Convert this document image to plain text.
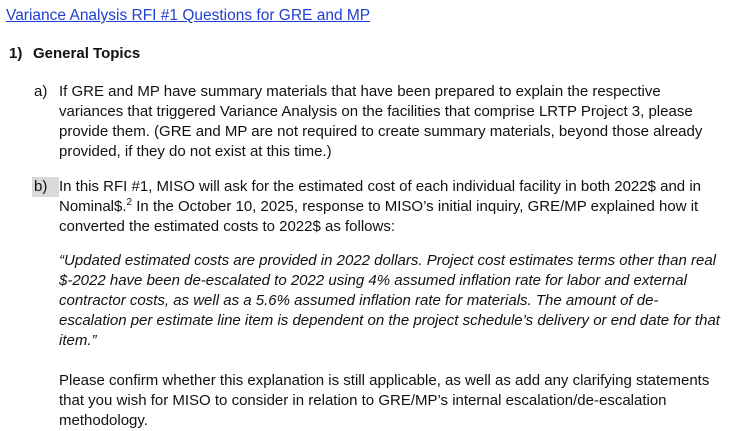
Variance Analysis RFI #1 Questions for GRE and MP
1) General Topics
a) If GRE and MP have summary materials that have been prepared to explain the respective variances that triggered Variance Analysis on the facilities that comprise LRTP Project 3, please provide them. (GRE and MP are not required to create summary materials, beyond those already provided, if they do not exist at this time.)

b) In this RFI #1, MISO will ask for the estimated cost of each individual facility in both 2022$ and in Nominal$.$^2$ In the October 10, 2025, response to MISO’s initial inquiry, GRE/MP explained how it converted the estimated costs to 2022$ as follows:

“Updated estimated costs are provided in 2022 dollars. Project cost estimates terms other than real $-2022 have been de-escalated to 2022 using 4% assumed inflation rate for labor and external contractor costs, as well as a 5.6% assumed inflation rate for materials. The amount of de-escalation per estimate line item is dependent on the project schedule’s delivery or end date for that item.”

Please confirm whether this explanation is still applicable, as well as add any clarifying statements that you wish for MISO to consider in relation to GRE/MP’s internal escalation/de-escalation methodology.
